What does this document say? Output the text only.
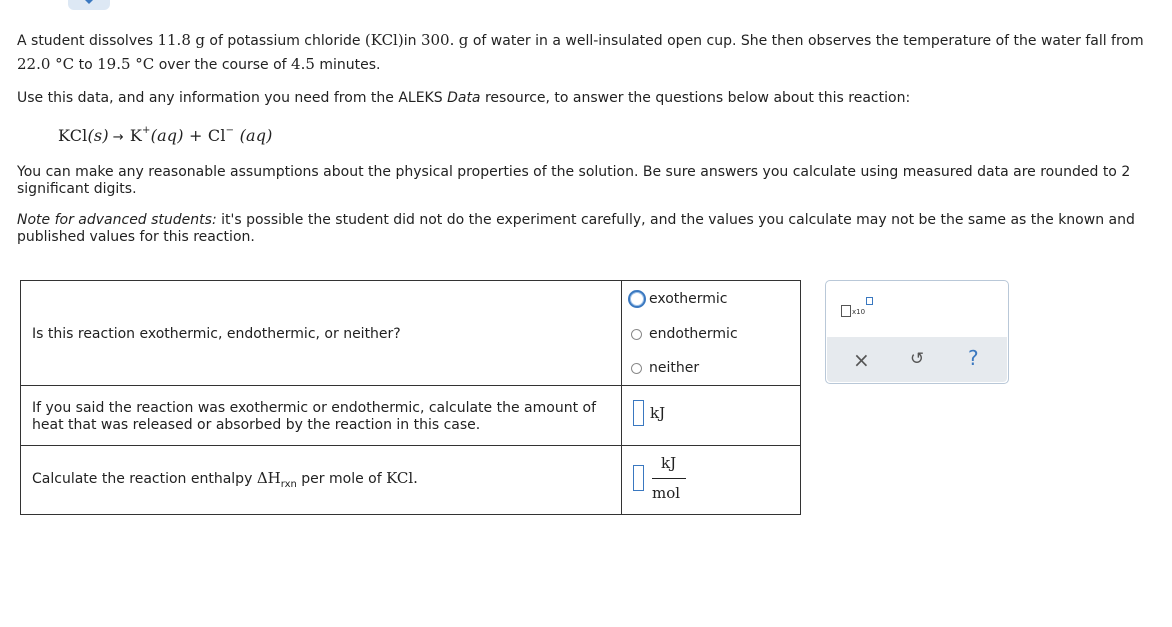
A student dissolves 11.8 g of potassium chloride (KCl)in 300. g of water in a well-insulated open cup. She then observes the temperature of the water fall from
22.0 °C to 19.5 °C over the course of 4.5 minutes.
Use this data, and any information you need from the ALEKS Data resource, to answer the questions below about this reaction:
KCl(s) → K+(aq) + Cl− (aq)
You can make any reasonable assumptions about the physical properties of the solution. Be sure answers you calculate using measured data are rounded to 2 significant digits.
Note for advanced students: it's possible the student did not do the experiment carefully, and the values you calculate may not be the same as the known and published values for this reaction.
Is this reaction exothermic, endothermic, or neither?
exothermic
endothermic
neither
If you said the reaction was exothermic or endothermic, calculate the amount of heat that was released or absorbed by the reaction in this case.
kJ
Calculate the reaction enthalpy $\Delta H_{rxn}$ per mole of KCl.
kJ
mol
x10
× ↺ ?
